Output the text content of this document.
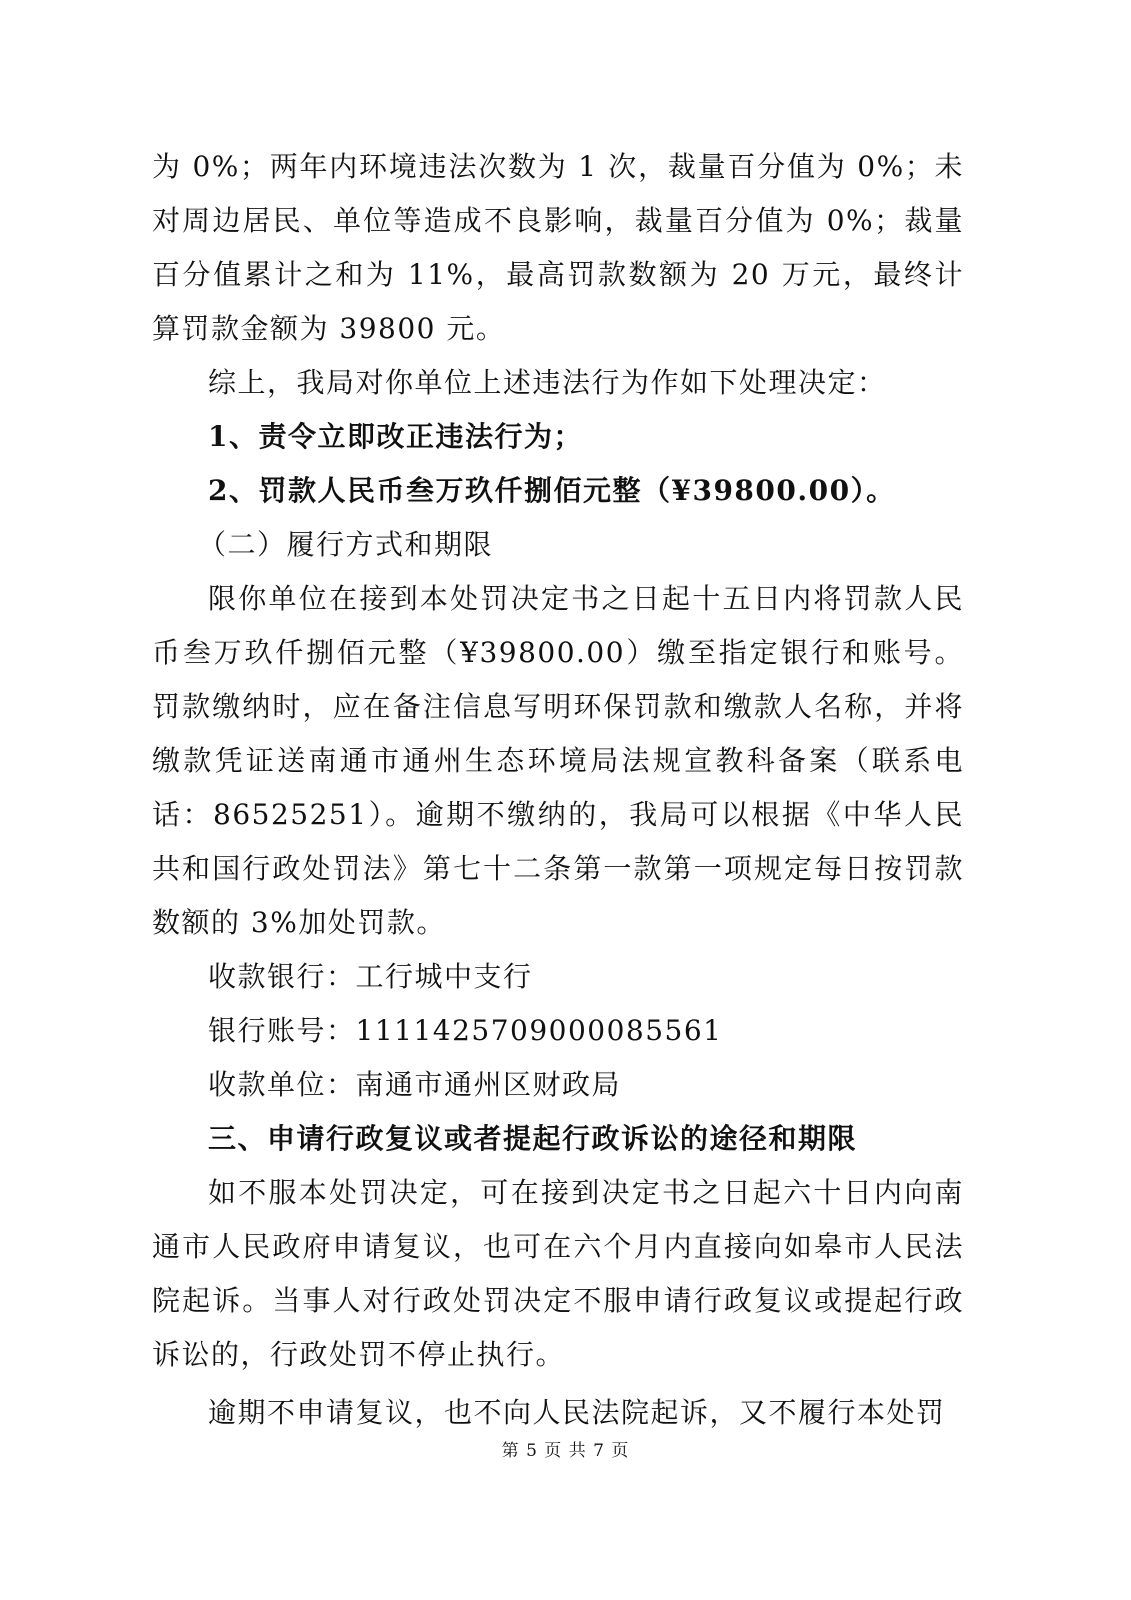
为 0%；两年内环境违法次数为 1 次，裁量百分值为 0%；未对周边居民、单位等造成不良影响，裁量百分值为 0%；裁量百分值累计之和为 11%，最高罚款数额为 20 万元，最终计算罚款金额为 39800 元。

综上，我局对你单位上述违法行为作如下处理决定：

1、责令立即改正违法行为；

2、罚款人民币叁万玖仟捌佰元整（¥39800.00）。

（二）履行方式和期限

限你单位在接到本处罚决定书之日起十五日内将罚款人民币叁万玖仟捌佰元整（¥39800.00）缴至指定银行和账号。罚款缴纳时，应在备注信息写明环保罚款和缴款人名称，并将缴款凭证送南通市通州生态环境局法规宣教科备案（联系电话：86525251）。逾期不缴纳的，我局可以根据《中华人民共和国行政处罚法》第七十二条第一款第一项规定每日按罚款数额的 3%加处罚款。

收款银行：工行城中支行

银行账号：1111425709000085561

收款单位：南通市通州区财政局

三、申请行政复议或者提起行政诉讼的途径和期限

如不服本处罚决定，可在接到决定书之日起六十日内向南通市人民政府申请复议，也可在六个月内直接向如皋市人民法院起诉。当事人对行政处罚决定不服申请行政复议或提起行政诉讼的，行政处罚不停止执行。

逾期不申请复议，也不向人民法院起诉，又不履行本处罚

第 5 页 共 7 页
